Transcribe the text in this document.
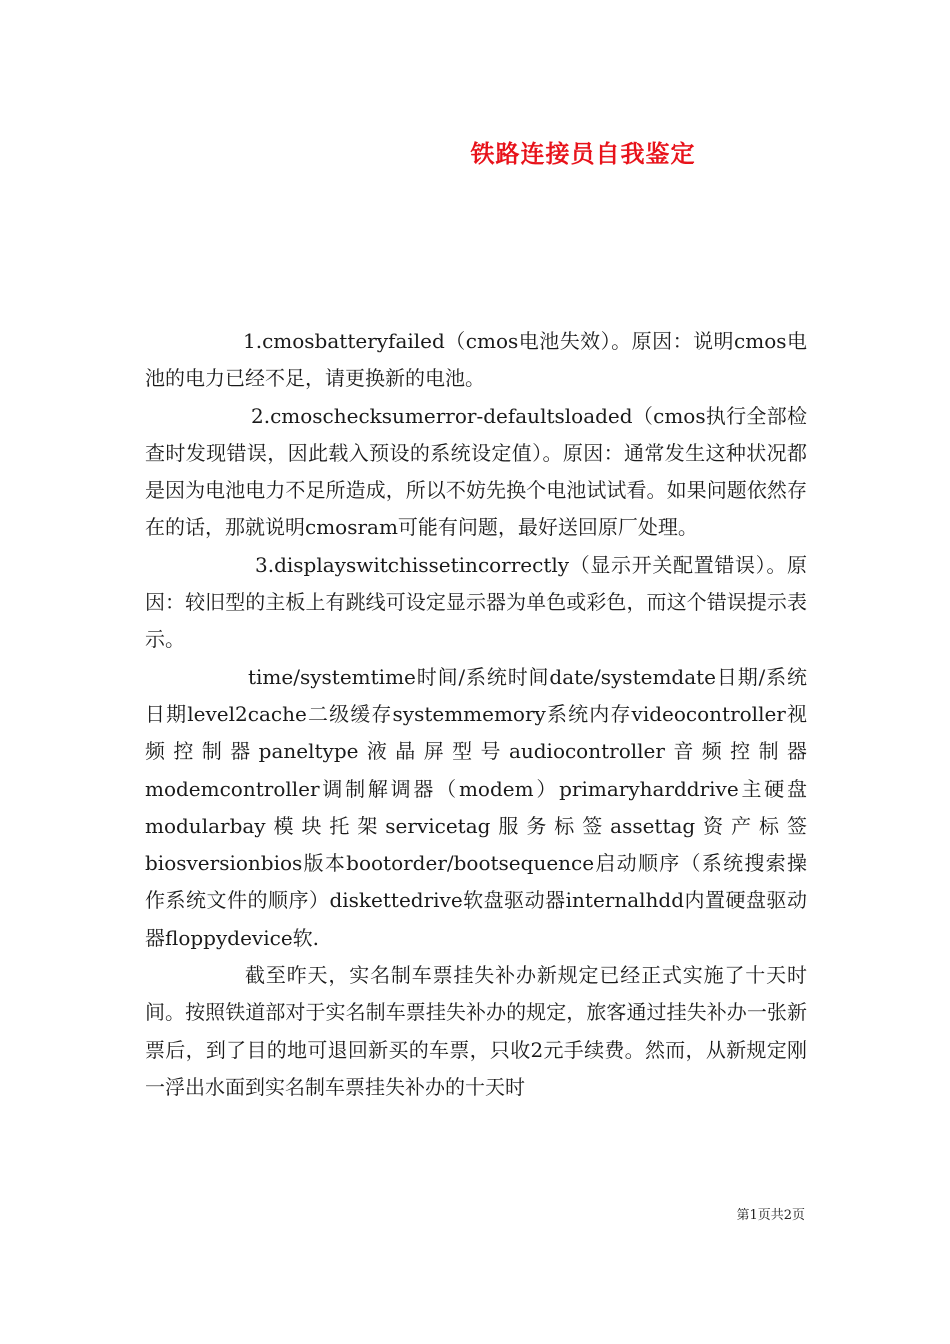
铁路连接员自我鉴定

1.cmosbatteryfailed（cmos电池失效）。原因：说明cmos电池的电力已经不足，请更换新的电池。

2.cmoschecksumerror-defaultsloaded（cmos执行全部检查时发现错误，因此载入预设的系统设定值）。原因：通常发生这种状况都是因为电池电力不足所造成，所以不妨先换个电池试试看。如果问题依然存在的话，那就说明cmosram可能有问题，最好送回原厂处理。

3.displayswitchissetincorrectly（显示开关配置错误）。原因：较旧型的主板上有跳线可设定显示器为单色或彩色，而这个错误提示表示。

time/systemtime时间/系统时间date/systemdate日期/系统日期level2cache二级缓存systemmemory系统内存videocontroller视频控制器paneltype液晶屏型号audiocontroller音频控制器modemcontroller调制解调器（modem）primaryharddrive主硬盘modularbay模块托架servicetag服务标签assettag资产标签biosversionbios版本bootorder/bootsequence启动顺序（系统搜索操作系统文件的顺序）diskettedrive软盘驱动器internalhdd内置硬盘驱动器floppydevice软.

截至昨天，实名制车票挂失补办新规定已经正式实施了十天时间。按照铁道部对于实名制车票挂失补办的规定，旅客通过挂失补办一张新票后，到了目的地可退回新买的车票，只收2元手续费。然而，从新规定刚一浮出水面到实名制车票挂失补办的十天时

第1页共2页
